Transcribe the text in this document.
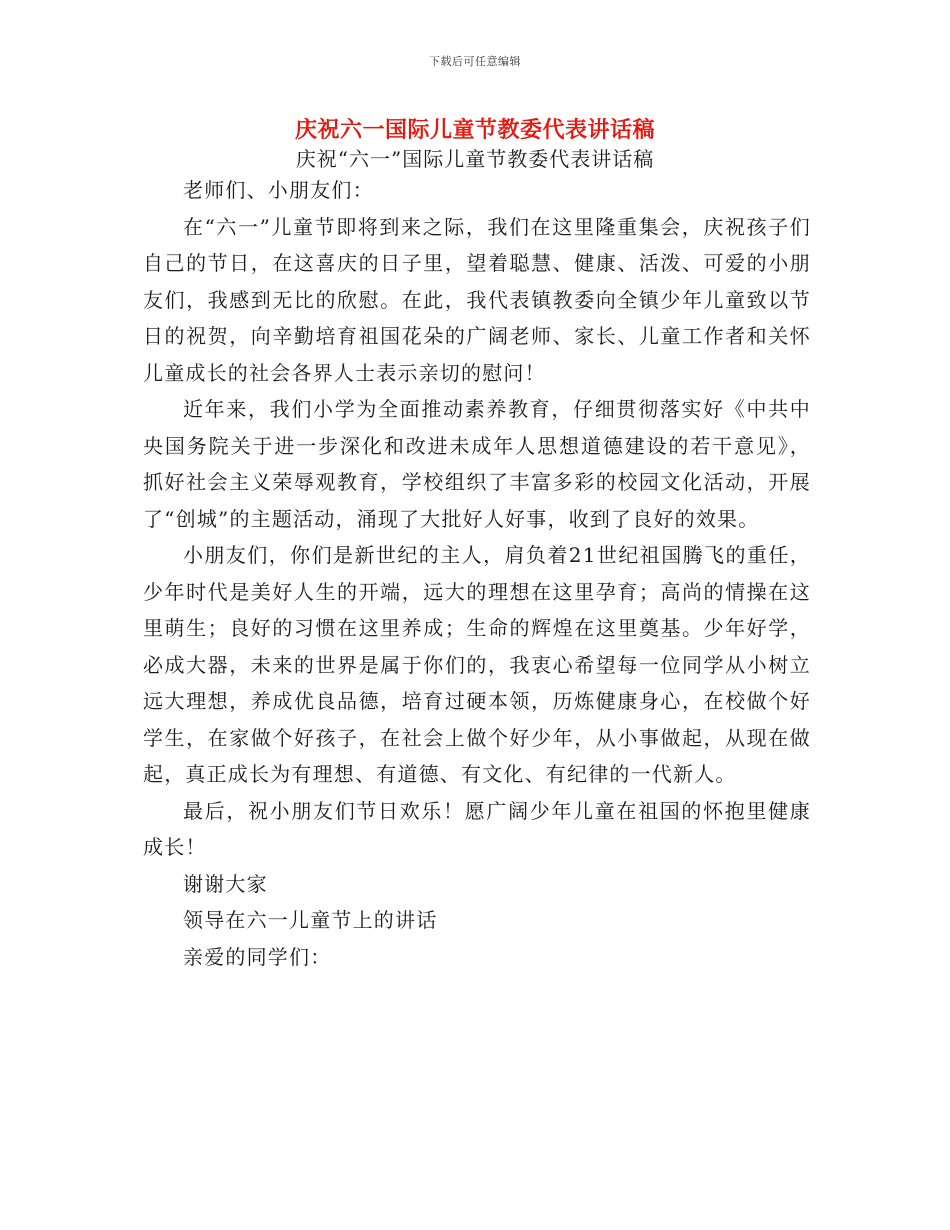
下载后可任意编辑
庆祝六一国际儿童节教委代表讲话稿
庆祝“六一”国际儿童节教委代表讲话稿

老师们、小朋友们：

在“六一”儿童节即将到来之际，我们在这里隆重集会，庆祝孩子们自己的节日，在这喜庆的日子里，望着聪慧、健康、活泼、可爱的小朋友们，我感到无比的欣慰。在此，我代表镇教委向全镇少年儿童致以节日的祝贺，向辛勤培育祖国花朵的广阔老师、家长、儿童工作者和关怀儿童成长的社会各界人士表示亲切的慰问！

近年来，我们小学为全面推动素养教育，仔细贯彻落实好《中共中央国务院关于进一步深化和改进未成年人思想道德建设的若干意见》，抓好社会主义荣辱观教育，学校组织了丰富多彩的校园文化活动，开展了“创城”的主题活动，涌现了大批好人好事，收到了良好的效果。

小朋友们，你们是新世纪的主人，肩负着21世纪祖国腾飞的重任，少年时代是美好人生的开端，远大的理想在这里孕育；高尚的情操在这里萌生；良好的习惯在这里养成；生命的辉煌在这里奠基。少年好学，必成大器，未来的世界是属于你们的，我衷心希望每一位同学从小树立远大理想，养成优良品德，培育过硬本领，历炼健康身心，在校做个好学生，在家做个好孩子，在社会上做个好少年，从小事做起，从现在做起，真正成长为有理想、有道德、有文化、有纪律的一代新人。

最后，祝小朋友们节日欢乐！愿广阔少年儿童在祖国的怀抱里健康成长！

谢谢大家

领导在六一儿童节上的讲话

亲爱的同学们：
